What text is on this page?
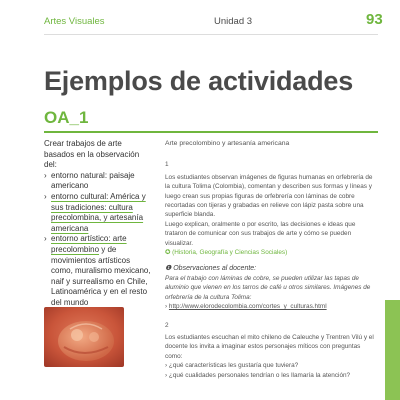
Artes Visuales	Unidad 3	93
Ejemplos de actividades
OA_1

Crear trabajos de arte basados en la observación del:

› entorno natural: paisaje americano
› entorno cultural: América y sus tradiciones: cultura precolombina, y artesanía americana
› entorno artístico: arte precolombino y de movimientos artísticos como, muralismo mexicano, naif y surrealismo en Chile, Latinoamérica y en el resto del mundo

Arte precolombino y artesanía americana

1

Los estudiantes observan imágenes de figuras humanas en orfebrería de la cultura Tolima (Colombia), comentan y describen sus formas y líneas y luego crean sus propias figuras de orfebrería con láminas de cobre recortadas con tijeras y grabadas en relieve con lápiz pasta sobre una superficie blanda.

Luego explican, oralmente o por escrito, las decisiones e ideas que trataron de comunicar con sus trabajos de arte y cómo se pueden visualizar.

✪ (Historia, Geografía y Ciencias Sociales)

❶ Observaciones al docente:

Para el trabajo con láminas de cobre, se pueden utilizar las tapas de aluminio que vienen en los tarros de café u otros similares. Imágenes de orfebrería de la cultura Tolima:

› http://www.elorodecolombia.com/cortes_y_culturas.html

2

Los estudiantes escuchan el mito chileno de Caleuche y Trentren Vilú y el docente los invita a imaginar estos personajes míticos con preguntas como:

› ¿qué características les gustaría que tuviera?

› ¿qué cualidades personales tendrían o les llamaría la atención?
